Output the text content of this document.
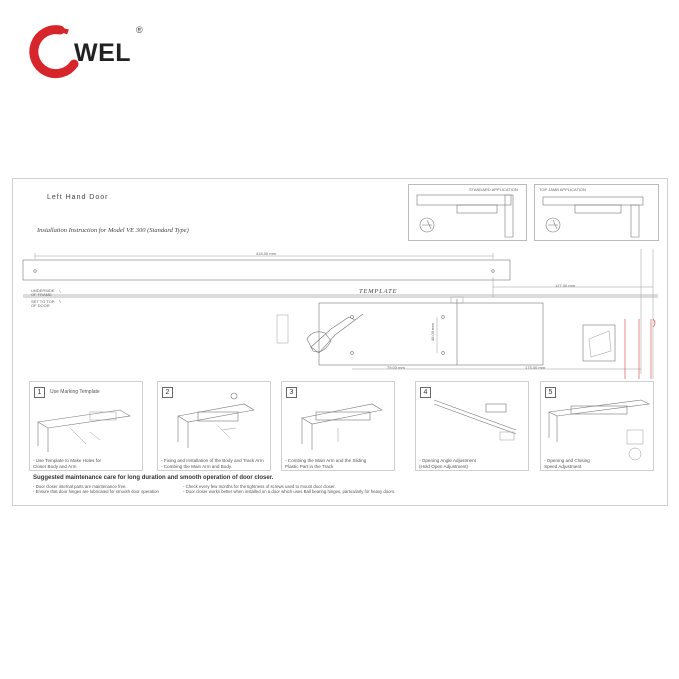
WEL
®
Left Hand Door
Installation Instruction for Model VE 300 (Standard Type)
STANDARD APPLICATION	TOP JAMB APPLICATION
415.00 mm
127.00 mm
79.00 mm	175.00 mm
48.00 mm
UNDERSIDE
OF FRAME
SET TO TOP
OF DOOR
TEMPLATE
1	Use Marking Template
- Use Template to Make Holes for
Closer Body and Arm
2
- Fixing and Installation of the Body and Track Arm
- Combing the Main Arm and Body.
3
- Combing the Main Arm and the Sliding
Plastic Part in the Track
4
- Opening Angle Adjustment
(Hold Open Adjustment)
5
- Opening and Closing
Speed Adjustment
Suggested maintenance care for long duration and smooth operation of door closer.
- Door closer internal parts are maintenance free.
- Ensure that door hinges are lubricated for smooth door operation
- Check every few months for the tightness of screws used to mount door closer.
- Door closer works better when installed on a door which uses Ball bearing hinges, particularly for heavy doors.
